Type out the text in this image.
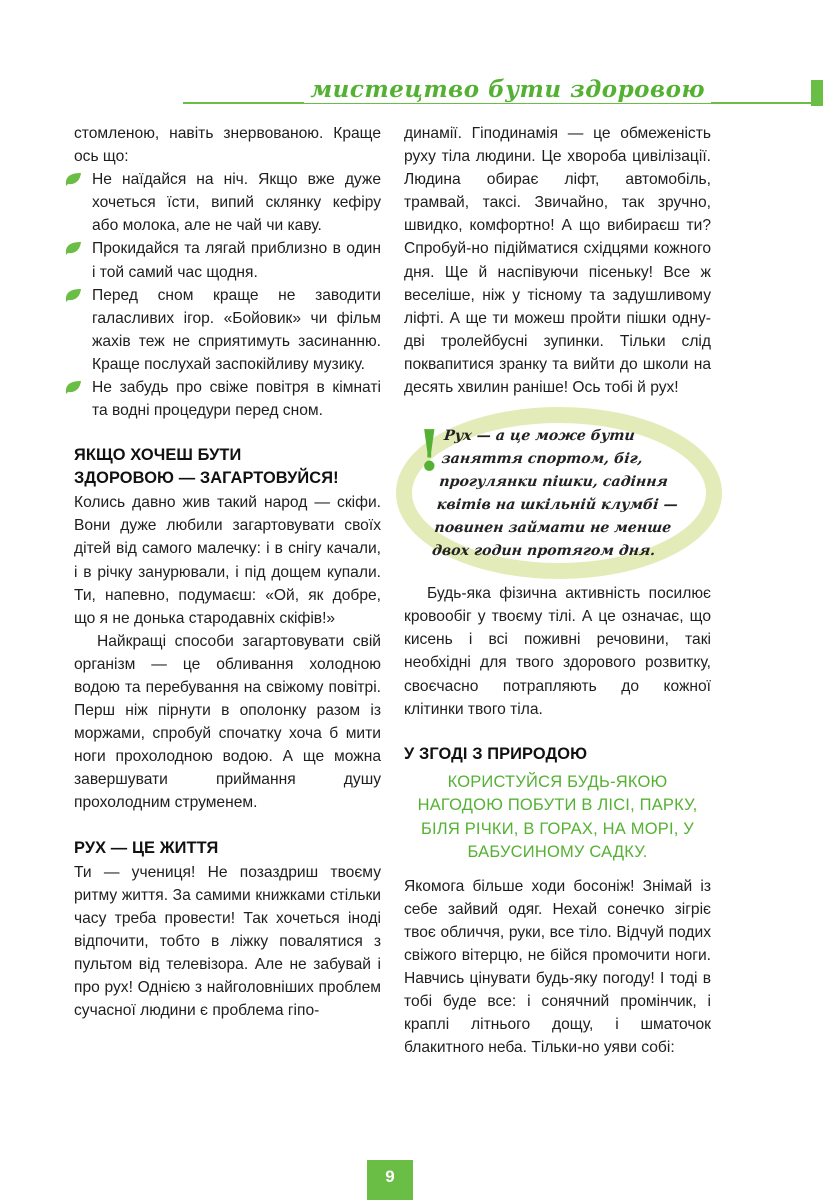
мистецтво бути здоровою

стомленою, навіть знервованою. Краще ось що:

Не наїдайся на ніч. Якщо вже дуже хочеться їсти, випий склянку кефіру або молока, але не чай чи каву.
Прокидайся та лягай приблизно в один і той самий час щодня.
Перед сном краще не заводити галасливих ігор. «Бойовик» чи фільм жахів теж не сприятимуть засинанню. Краще послухай заспокійливу музику.
Не забудь про свіже повітря в кімнаті та водні процедури перед сном.
ЯКЩО ХОЧЕШ БУТИ
ЗДОРОВОЮ — ЗАГАРТОВУЙСЯ!

Колись давно жив такий народ — скіфи. Вони дуже любили загартовувати своїх дітей від самого малечку: і в снігу качали, і в річку занурювали, і під дощем купали. Ти, напевно, подумаєш: «Ой, як добре, що я не донька стародавніх скіфів!»

Найкращі способи загартовувати свій організм — це обливання холодною водою та перебування на свіжому повітрі. Перш ніж пірнути в ополонку разом із моржами, спробуй спочатку хоча б мити ноги прохолодною водою. А ще можна завершувати приймання душу прохолодним струменем.

РУХ — ЦЕ ЖИТТЯ

Ти — учениця! Не позаздриш твоєму ритму життя. За самими книжками стільки часу треба провести! Так хочеться іноді відпочити, тобто в ліжку повалятися з пультом від телевізора. Але не забувай і про рух! Однією з найголовніших проблем сучасної людини є проблема гіпо-

динамії. Гіподинамія — це обмеженість руху тіла людини. Це хвороба цивілізації. Людина обирає ліфт, автомобіль, трамвай, таксі. Звичайно, так зручно, швидко, комфортно! А що вибираєш ти? Спробуй-но підійматися східцями кожного дня. Ще й наспівуючи пісеньку! Все ж веселіше, ніж у тісному та задушливому ліфті. А ще ти можеш пройти пішки одну-дві тролейбусні зупинки. Тільки слід поквапитися зранку та вийти до школи на десять хвилин раніше! Ось тобі й рух!

! Рух — а це може бути заняття спортом, біг, прогулянки пішки, садіння квітів на шкільній клумбі — повинен займати не менше двох годин протягом дня.

Будь-яка фізична активність посилює кровообіг у твоєму тілі. А це означає, що кисень і всі поживні речовини, такі необхідні для твого здорового розвитку, своєчасно потрапляють до кожної клітинки твого тіла.

У ЗГОДІ З ПРИРОДОЮ

КОРИСТУЙСЯ БУДЬ-ЯКОЮ НАГОДОЮ ПОБУТИ В ЛІСІ, ПАРКУ, БІЛЯ РІЧКИ, В ГОРАХ, НА МОРІ, У БАБУСИНОМУ САДКУ.

Якомога більше ходи босоніж! Знімай із себе зайвий одяг. Нехай сонечко зігріє твоє обличчя, руки, все тіло. Відчуй подих свіжого вітерцю, не бійся промочити ноги. Навчись цінувати будь-яку погоду! І тоді в тобі буде все: і сонячний промінчик, і краплі літнього дощу, і шматочок блакитного неба. Тільки-но уяви собі:

9
